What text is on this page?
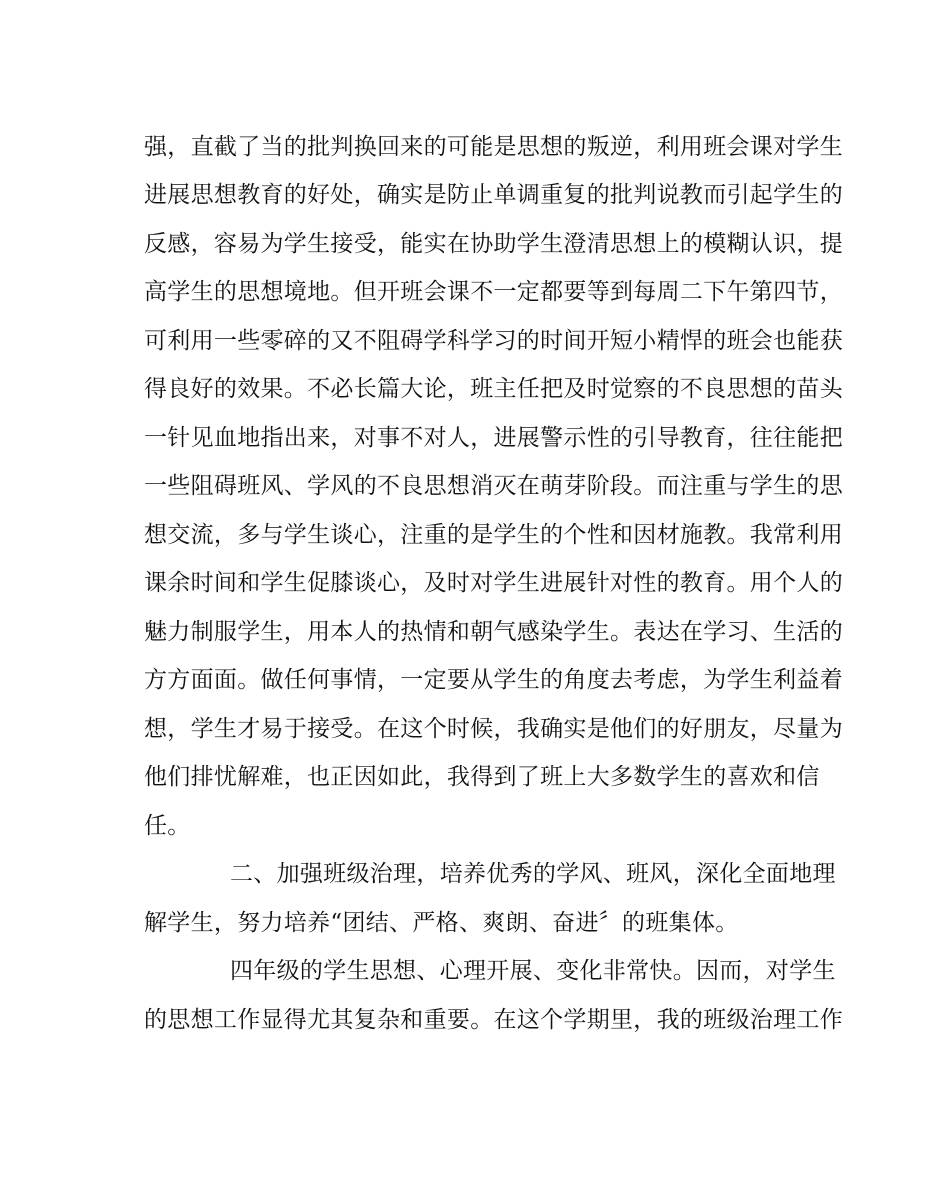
强，直截了当的批判换回来的可能是思想的叛逆，利用班会课对学生
进展思想教育的好处，确实是防止单调重复的批判说教而引起学生的
反感，容易为学生接受，能实在协助学生澄清思想上的模糊认识，提
高学生的思想境地。但开班会课不一定都要等到每周二下午第四节，
可利用一些零碎的又不阻碍学科学习的时间开短小精悍的班会也能获
得良好的效果。不必长篇大论，班主任把及时觉察的不良思想的苗头
一针见血地指出来，对事不对人，进展警示性的引导教育，往往能把
一些阻碍班风、学风的不良思想消灭在萌芽阶段。而注重与学生的思
想交流，多与学生谈心，注重的是学生的个性和因材施教。我常利用
课余时间和学生促膝谈心，及时对学生进展针对性的教育。用个人的
魅力制服学生，用本人的热情和朝气感染学生。表达在学习、生活的
方方面面。做任何事情，一定要从学生的角度去考虑，为学生利益着
想，学生才易于接受。在这个时候，我确实是他们的好朋友，尽量为
他们排忧解难，也正因如此，我得到了班上大多数学生的喜欢和信
任。
二、加强班级治理，培养优秀的学风、班风，深化全面地理
解学生，努力培养“团结、严格、爽朗、奋进〞的班集体。
四年级的学生思想、心理开展、变化非常快。因而，对学生
的思想工作显得尤其复杂和重要。在这个学期里，我的班级治理工作
